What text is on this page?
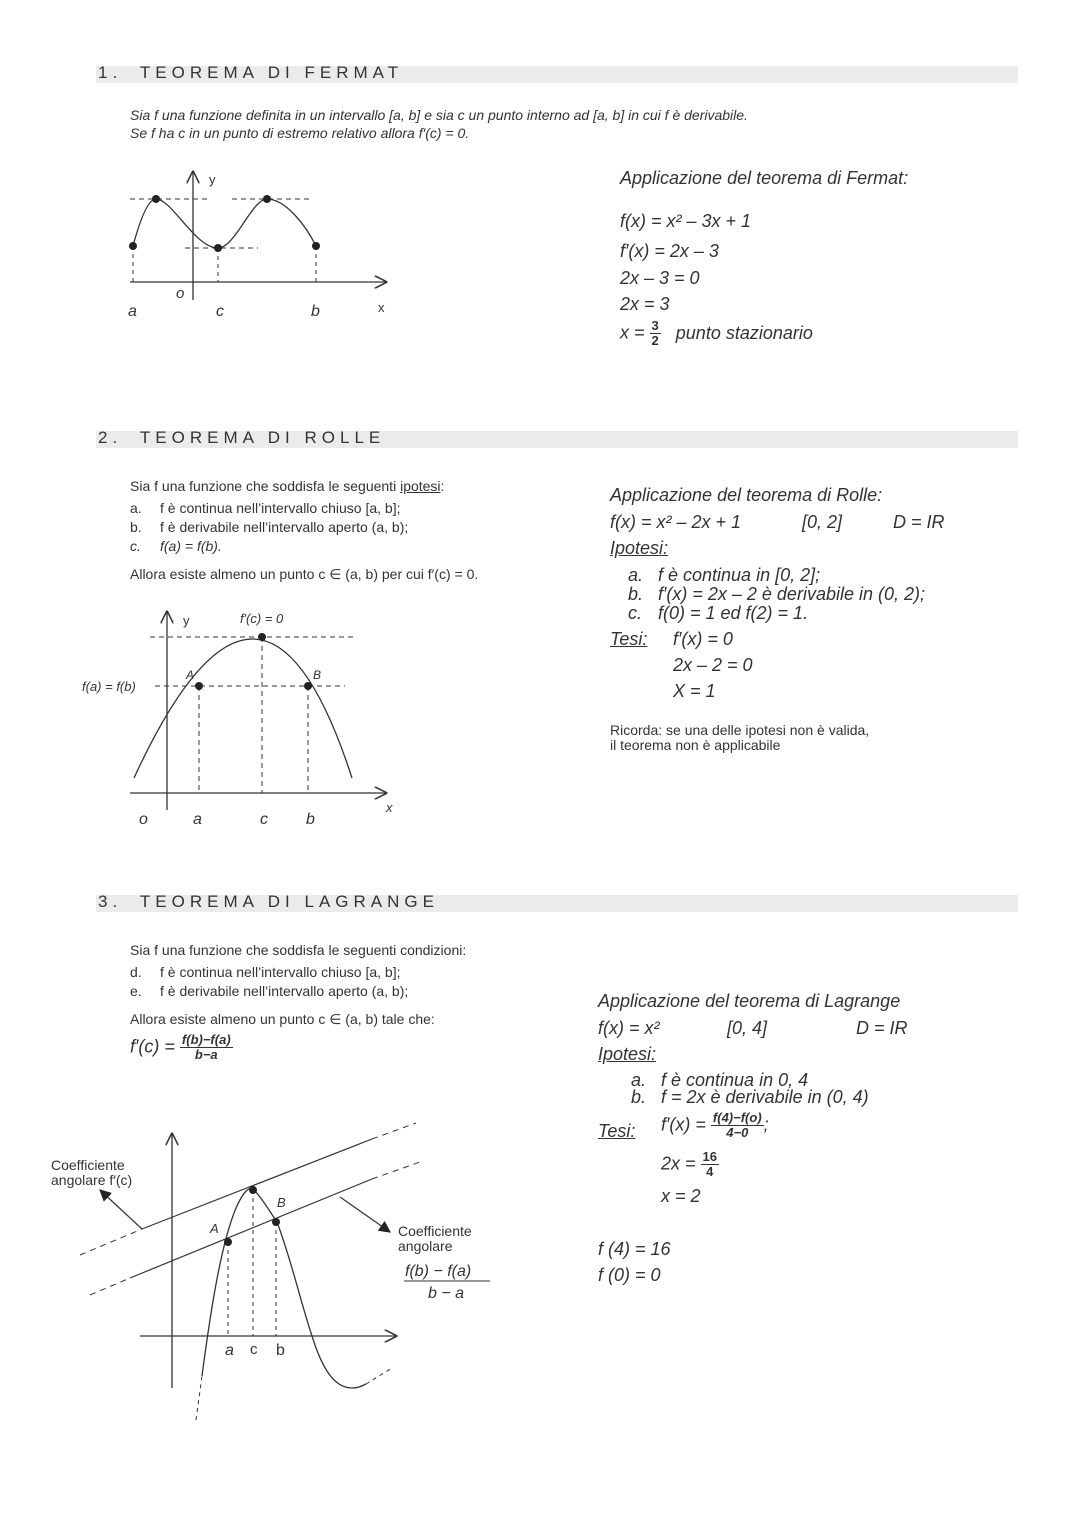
1. TEOREMA DI FERMAT
Sia f una funzione definita in un intervallo [a, b] e sia c un punto interno ad [a, b] in cui f è derivabile.
Se f ha c in un punto di estremo relativo allora f′(c) = 0.
y
x
o
a	c	b
Applicazione del teorema di Fermat:
f(x) = x² – 3x + 1
f′(x) = 2x – 3
2x – 3 = 0
2x = 3
$x = \frac{3}{2}$ punto stazionario
2. TEOREMA DI ROLLE
Sia f una funzione che soddisfa le seguenti ipotesi:
a. f è continua nell’intervallo chiuso [a, b];
b. f è derivabile nell’intervallo aperto (a, b);
c. f(a) = f(b).
Allora esiste almeno un punto c ∈ (a, b) per cui f′(c) = 0.
y	f′(c) = 0
f(a) = f(b)
A	B
x
o	a	c b
Applicazione del teorema di Rolle:
f(x) = x² – 2x + 1	[0, 2]	D = IR
Ipotesi:
a. f è continua in [0, 2];
b. f′(x) = 2x – 2 è derivabile in (0, 2);
c. f(0) = 1 ed f(2) = 1.
Tesi: f′(x) = 0
2x – 2 = 0
X = 1
Ricorda: se una delle ipotesi non è valida,
il teorema non è applicabile
3. TEOREMA DI LAGRANGE
Sia f una funzione che soddisfa le seguenti condizioni:
d. f è continua nell’intervallo chiuso [a, b];
e. f è derivabile nell’intervallo aperto (a, b);
Allora esiste almeno un punto c ∈ (a, b) tale che:
$f'(c) = \frac{f(b)-f(a)}{b-a}$
Coefficiente
angolare f′(c)
Coefficiente
angolare
f(b) − f(a)
b − a
A
B
a c b
Applicazione del teorema di Lagrange
f(x) = x²	[0, 4]	D = IR
Ipotesi:
a. f è continua in 0, 4
b. f = 2x è derivabile in (0, 4)
Tesi: $f'(x) = \frac{f(4)-f(o)}{4-0}$ ;
$2x = \frac{16}{4}$
x = 2
f (4) = 16
f (0) = 0
